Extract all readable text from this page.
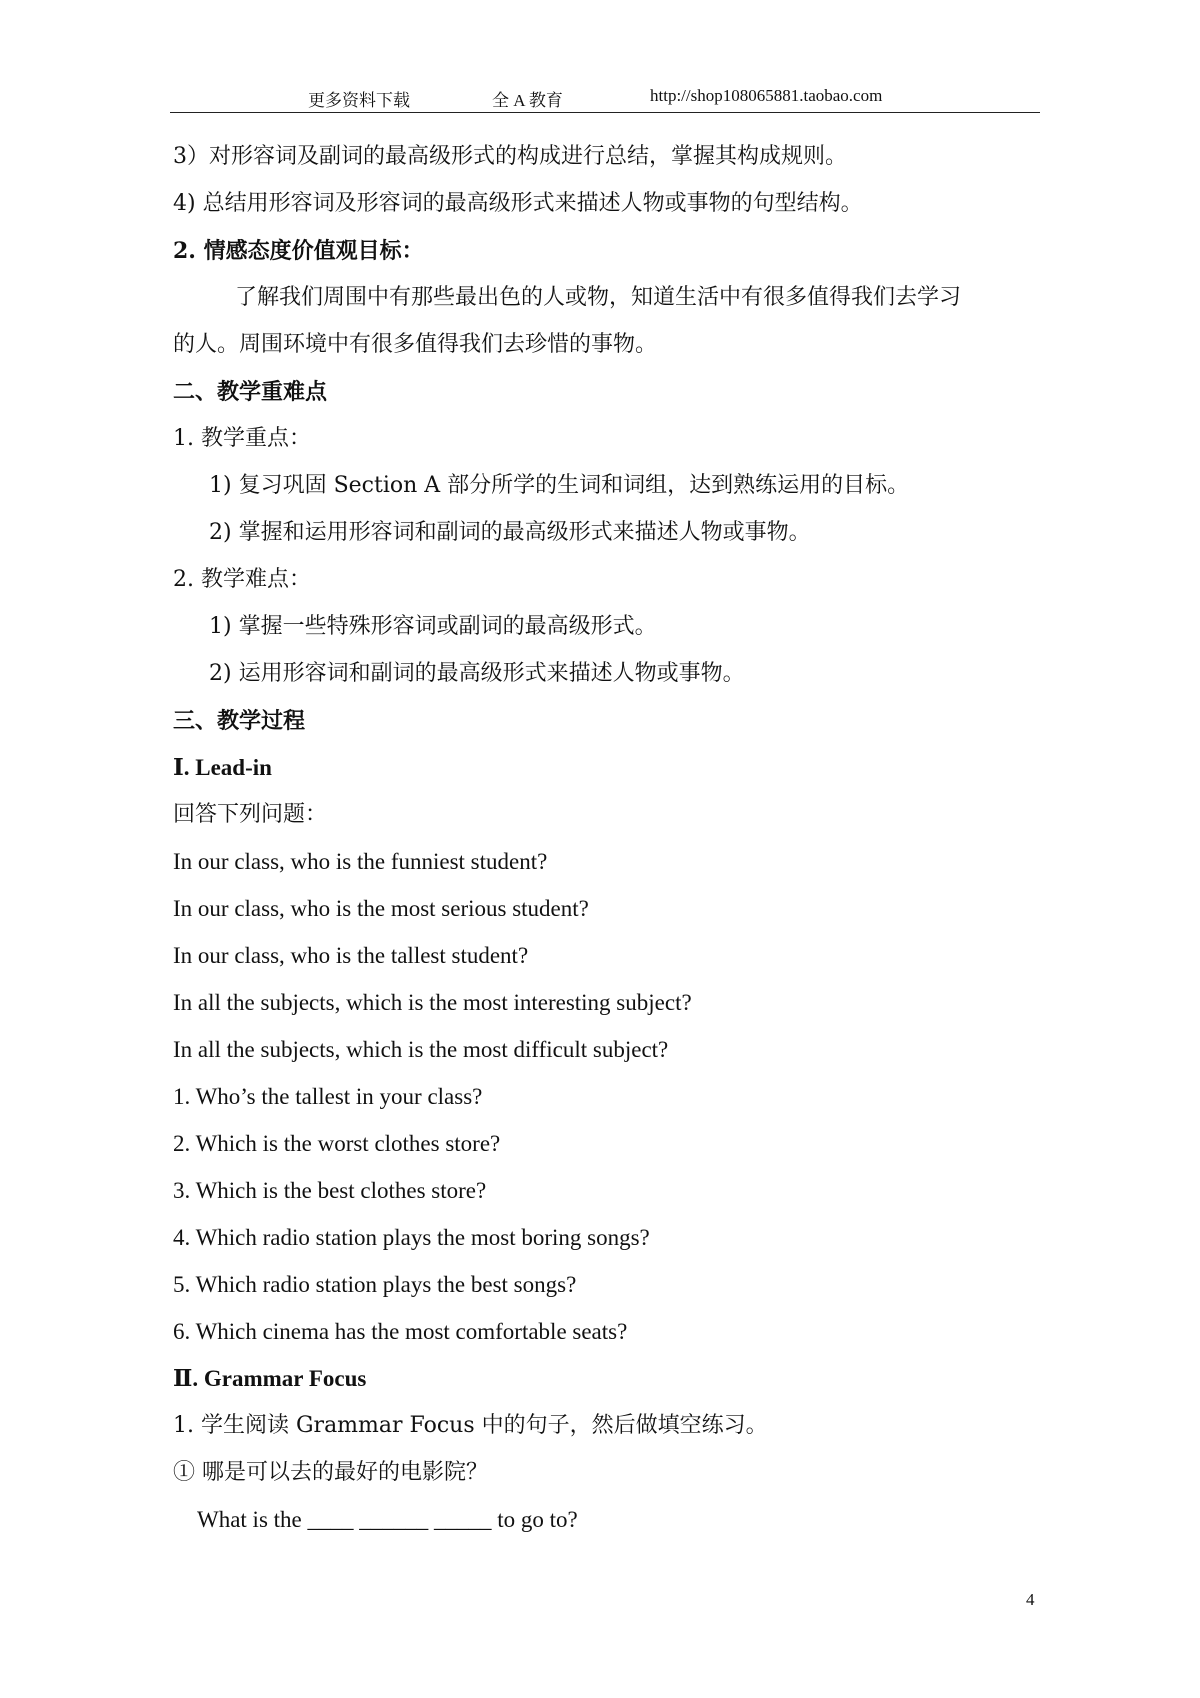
更多资料下载	全 A 教育	http://shop108065881.taobao.com
3）对形容词及副词的最高级形式的构成进行总结，掌握其构成规则。
4) 总结用形容词及形容词的最高级形式来描述人物或事物的句型结构。
2. 情感态度价值观目标：
了解我们周围中有那些最出色的人或物，知道生活中有很多值得我们去学习
的人。周围环境中有很多值得我们去珍惜的事物。
二、教学重难点
1. 教学重点：
1) 复习巩固 Section A 部分所学的生词和词组，达到熟练运用的目标。
2) 掌握和运用形容词和副词的最高级形式来描述人物或事物。
2. 教学难点：
1) 掌握一些特殊形容词或副词的最高级形式。
2) 运用形容词和副词的最高级形式来描述人物或事物。
三、教学过程
Ⅰ. Lead-in
回答下列问题：
In our class, who is the funniest student?
In our class, who is the most serious student?
In our class, who is the tallest student?
In all the subjects, which is the most interesting subject?
In all the subjects, which is the most difficult subject?
1. Who’s the tallest in your class?
2. Which is the worst clothes store?
3. Which is the best clothes store?
4. Which radio station plays the most boring songs?
5. Which radio station plays the best songs?
6. Which cinema has the most comfortable seats?
Ⅱ. Grammar Focus
1. 学生阅读 Grammar Focus 中的句子，然后做填空练习。
① 哪是可以去的最好的电影院？
What is the ____ ______ _____ to go to?
4
